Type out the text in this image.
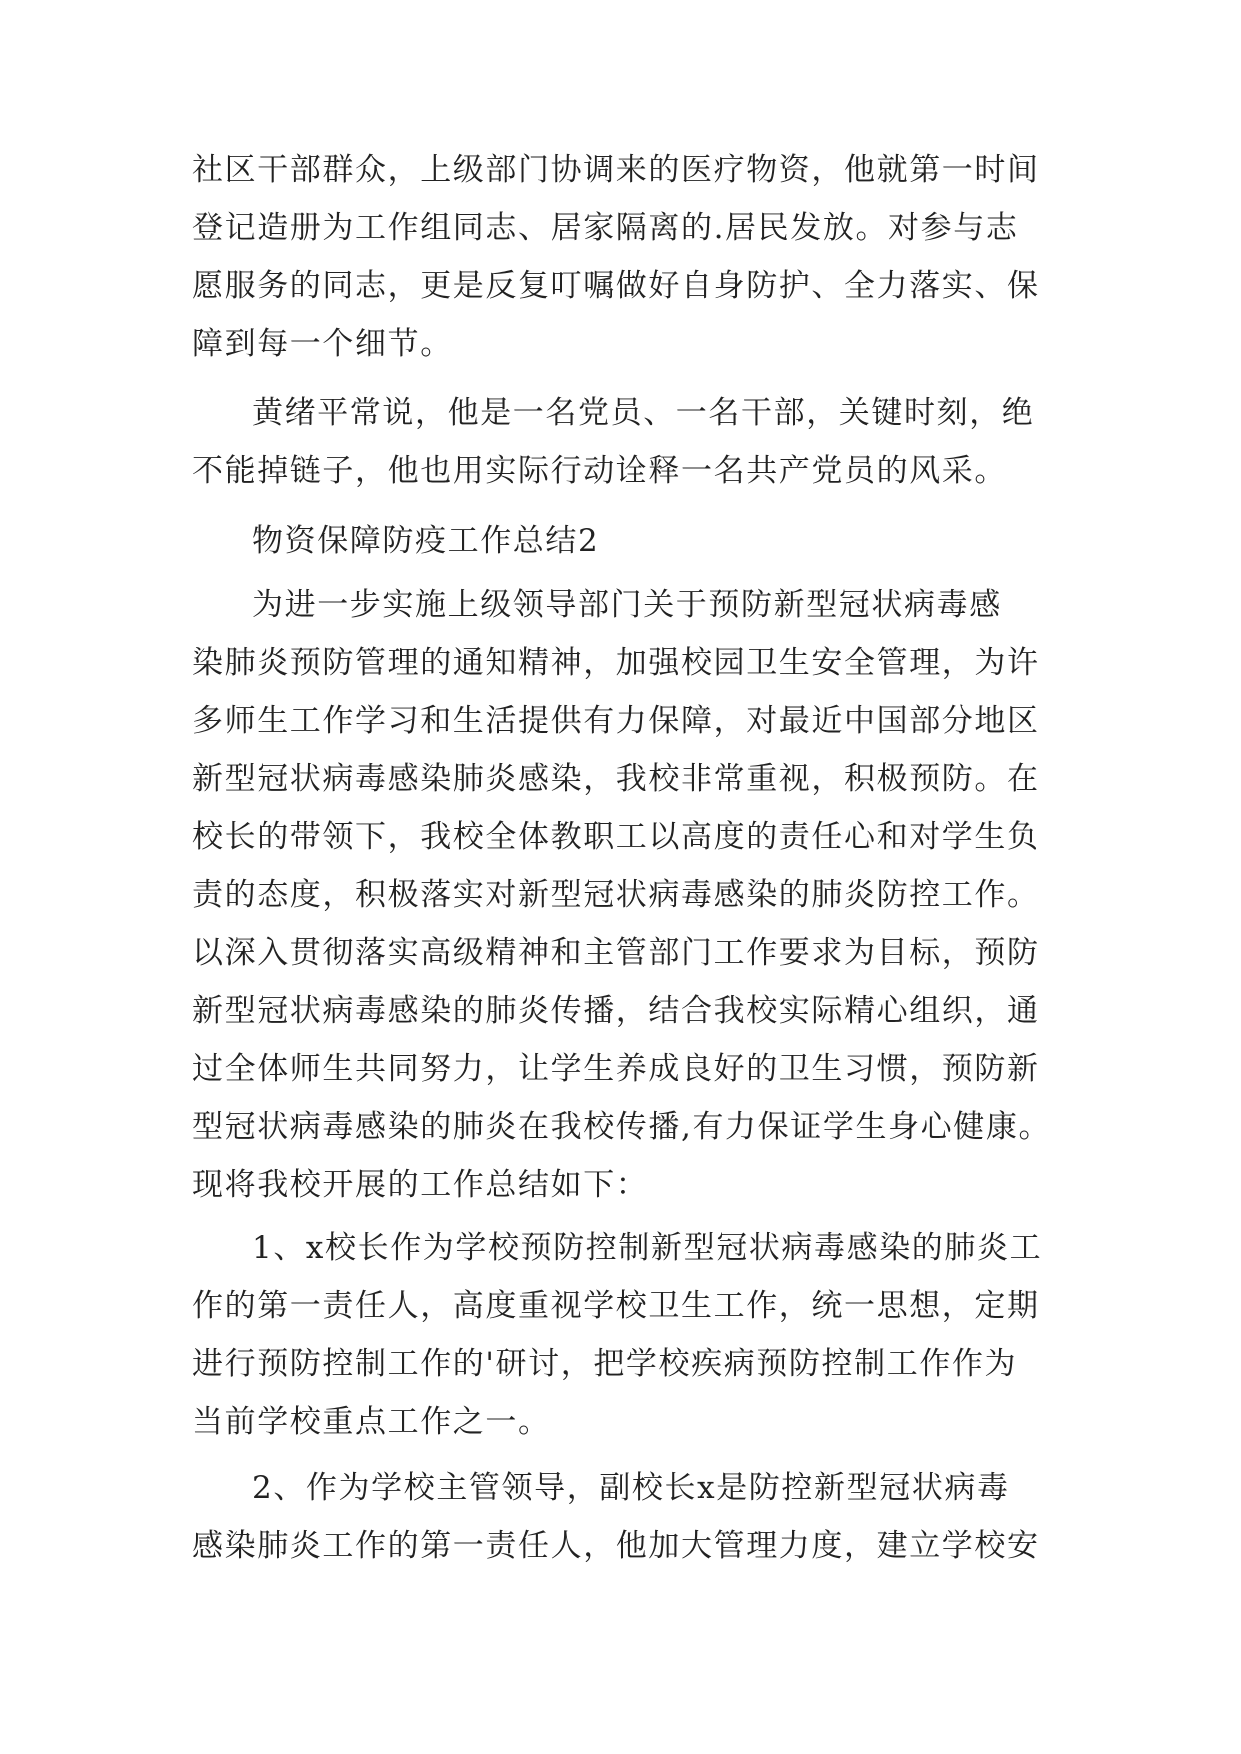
社区干部群众，上级部门协调来的医疗物资，他就第一时间
登记造册为工作组同志、居家隔离的.居民发放。对参与志
愿服务的同志，更是反复叮嘱做好自身防护、全力落实、保
障到每一个细节。
黄绪平常说，他是一名党员、一名干部，关键时刻，绝
不能掉链子，他也用实际行动诠释一名共产党员的风采。
物资保障防疫工作总结2
为进一步实施上级领导部门关于预防新型冠状病毒感
染肺炎预防管理的通知精神，加强校园卫生安全管理，为许
多师生工作学习和生活提供有力保障，对最近中国部分地区
新型冠状病毒感染肺炎感染，我校非常重视，积极预防。在
校长的带领下，我校全体教职工以高度的责任心和对学生负
责的态度，积极落实对新型冠状病毒感染的肺炎防控工作。
以深入贯彻落实高级精神和主管部门工作要求为目标，预防
新型冠状病毒感染的肺炎传播，结合我校实际精心组织，通
过全体师生共同努力，让学生养成良好的卫生习惯，预防新
型冠状病毒感染的肺炎在我校传播,有力保证学生身心健康。
现将我校开展的工作总结如下：
1、x校长作为学校预防控制新型冠状病毒感染的肺炎工
作的第一责任人，高度重视学校卫生工作，统一思想，定期
进行预防控制工作的'研讨，把学校疾病预防控制工作作为
当前学校重点工作之一。
2、作为学校主管领导，副校长x是防控新型冠状病毒
感染肺炎工作的第一责任人，他加大管理力度，建立学校安
